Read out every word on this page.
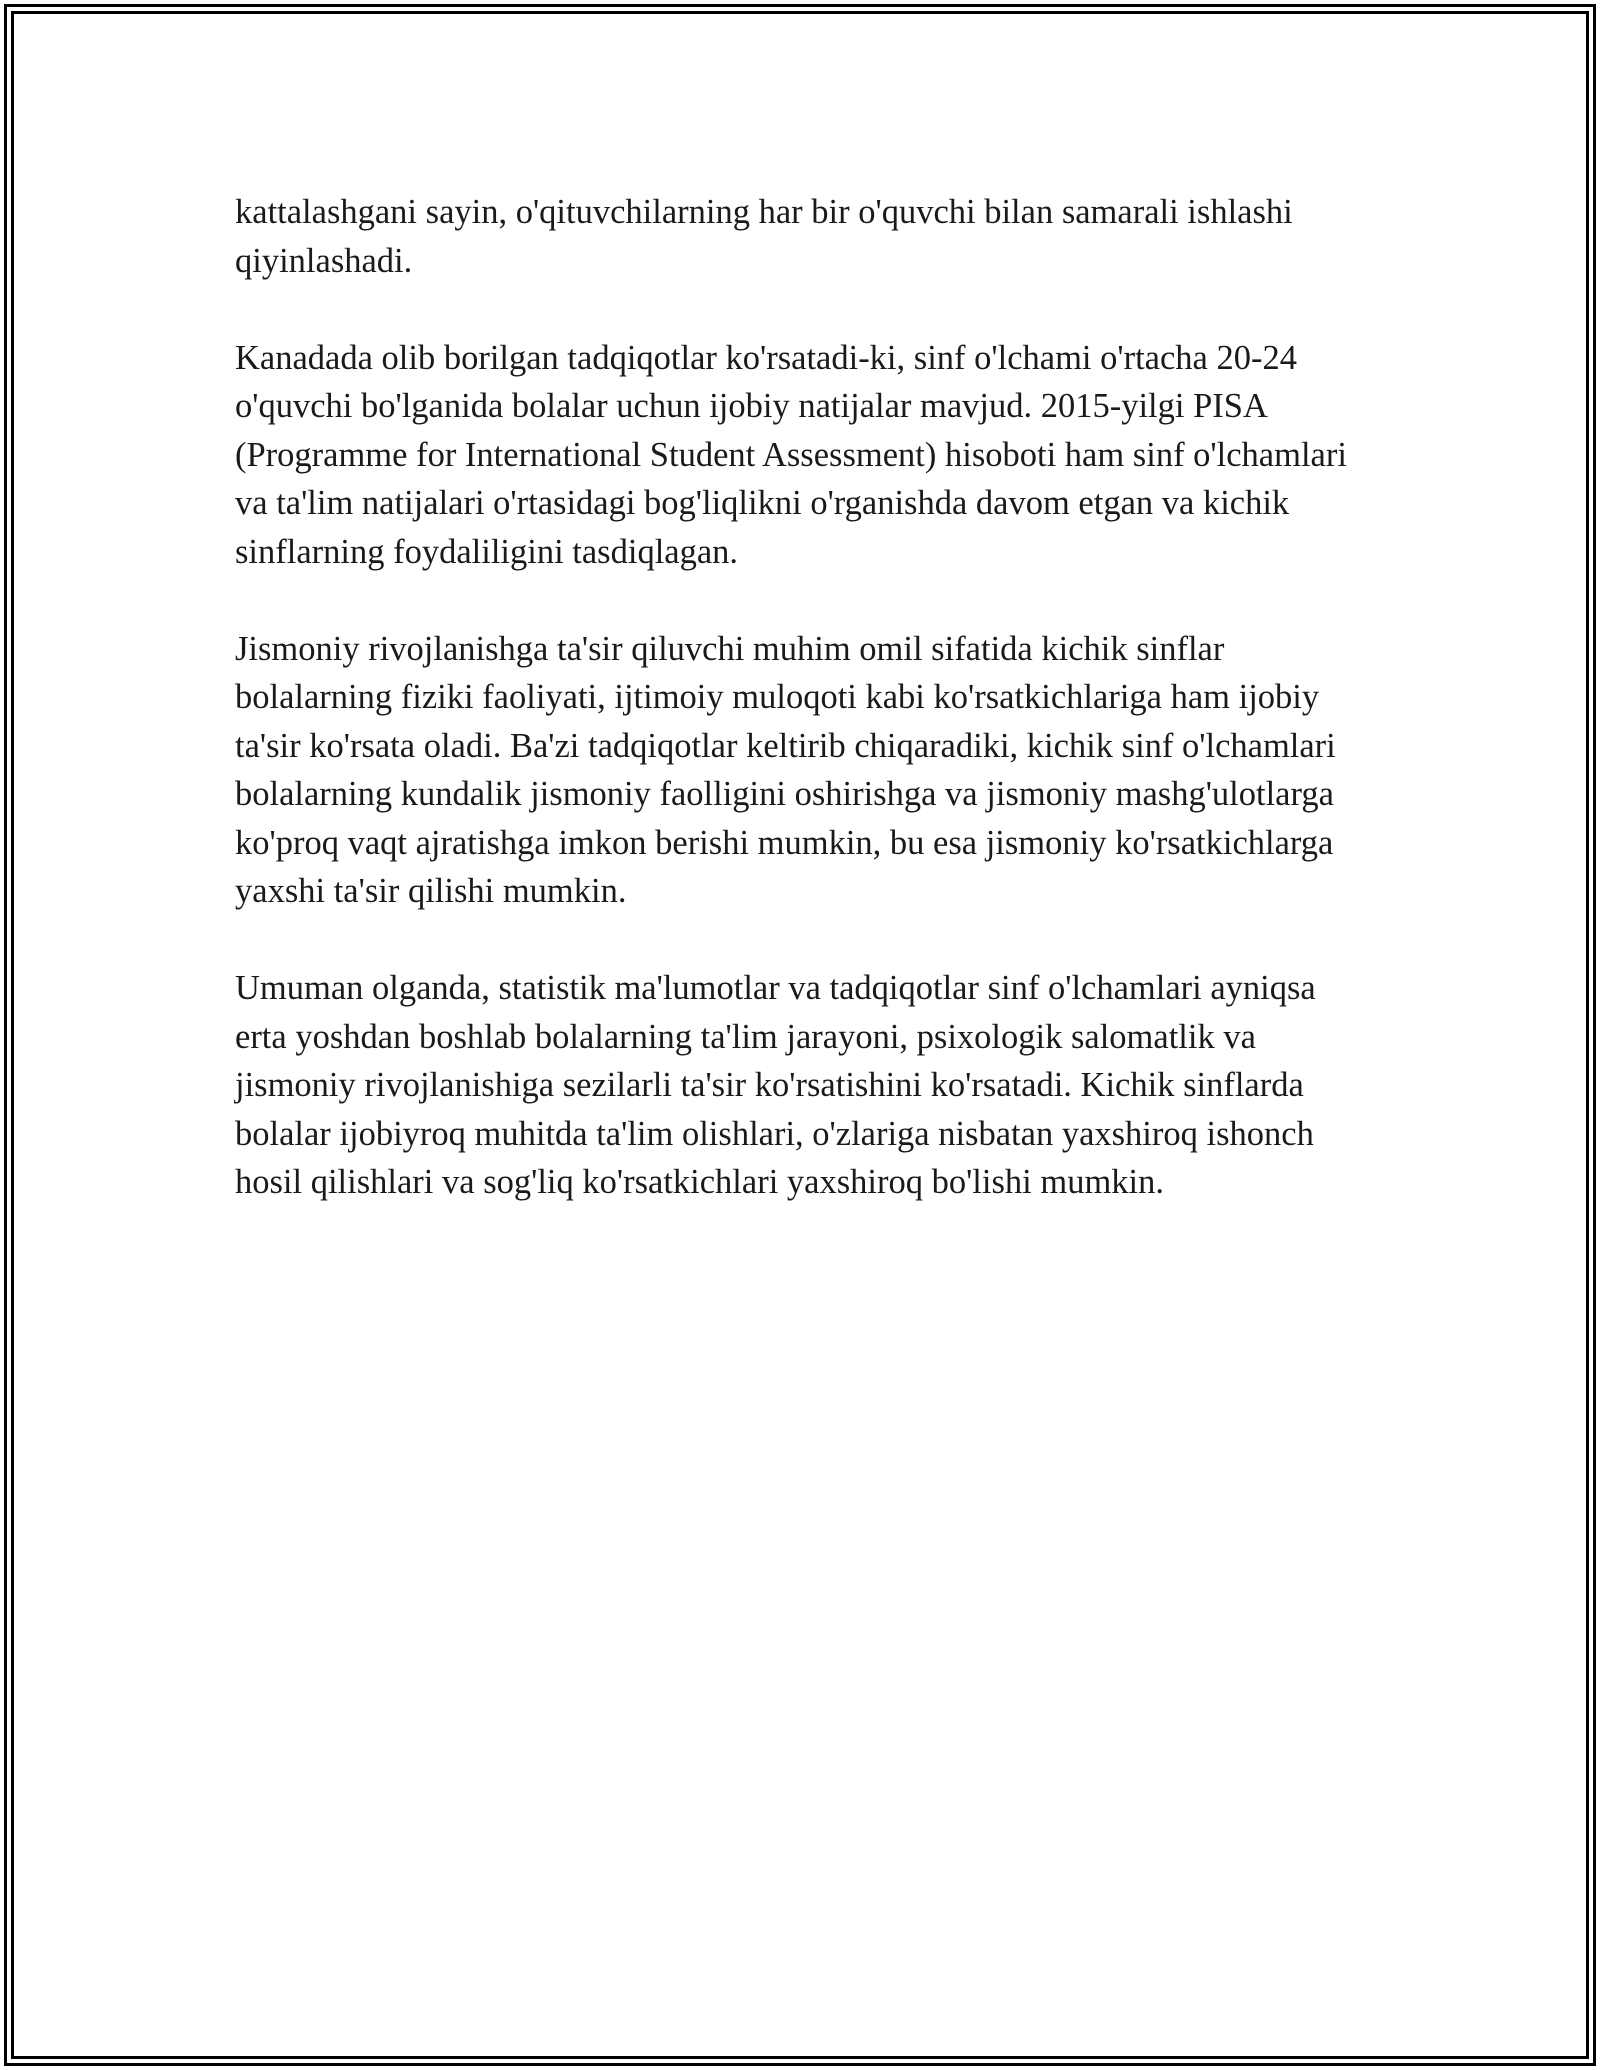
kattalashgani sayin, o'qituvchilarning har bir o'quvchi bilan samarali ishlashi qiyinlashadi.

Kanadada olib borilgan tadqiqotlar ko'rsatadi-ki, sinf o'lchami o'rtacha 20-24 o'quvchi bo'lganida bolalar uchun ijobiy natijalar mavjud. 2015-yilgi PISA (Programme for International Student Assessment) hisoboti ham sinf o'lchamlari va ta'lim natijalari o'rtasidagi bog'liqlikni o'rganishda davom etgan va kichik sinflarning foydaliligini tasdiqlagan.

Jismoniy rivojlanishga ta'sir qiluvchi muhim omil sifatida kichik sinflar bolalarning fiziki faoliyati, ijtimoiy muloqoti kabi ko'rsatkichlariga ham ijobiy ta'sir ko'rsata oladi. Ba'zi tadqiqotlar keltirib chiqaradiki, kichik sinf o'lchamlari bolalarning kundalik jismoniy faolligini oshirishga va jismoniy mashg'ulotlarga ko'proq vaqt ajratishga imkon berishi mumkin, bu esa jismoniy ko'rsatkichlarga yaxshi ta'sir qilishi mumkin.

Umuman olganda, statistik ma'lumotlar va tadqiqotlar sinf o'lchamlari ayniqsa erta yoshdan boshlab bolalarning ta'lim jarayoni, psixologik salomatlik va jismoniy rivojlanishiga sezilarli ta'sir ko'rsatishini ko'rsatadi. Kichik sinflarda bolalar ijobiyroq muhitda ta'lim olishlari, o'zlariga nisbatan yaxshiroq ishonch hosil qilishlari va sog'liq ko'rsatkichlari yaxshiroq bo'lishi mumkin.
